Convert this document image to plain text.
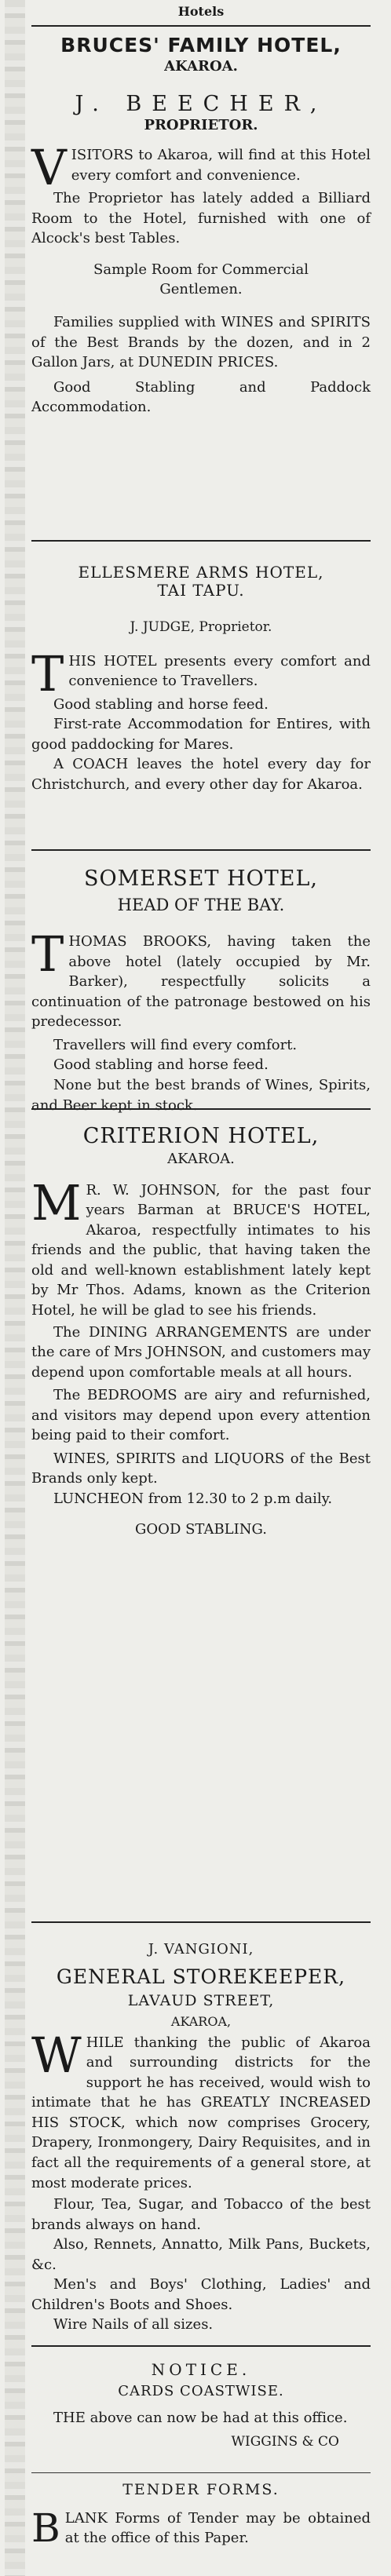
Hotels

BRUCES' FAMILY HOTEL,

AKAROA.

J. BEECHER,

PROPRIETOR.

VISITORS to Akaroa, will find at this Hotel every comfort and convenience.

The Proprietor has lately added a Billiard Room to the Hotel, furnished with one of Alcock's best Tables.

Sample Room for Commercial Gentlemen.

Families supplied with WINES and SPIRITS of the Best Brands by the dozen, and in 2 Gallon Jars, at DUNEDIN PRICES.

Good Stabling and Paddock Accommodation.

ELLESMERE ARMS HOTEL,

TAI TAPU.

J. JUDGE, Proprietor.

THIS HOTEL presents every comfort and convenience to Travellers.

Good stabling and horse feed.

First-rate Accommodation for Entires, with good paddocking for Mares.

A COACH leaves the hotel every day for Christchurch, and every other day for Akaroa.

SOMERSET HOTEL,

HEAD OF THE BAY.

THOMAS BROOKS, having taken the above hotel (lately occupied by Mr. Barker), respectfully solicits a continuation of the patronage bestowed on his predecessor.

Travellers will find every comfort.

Good stabling and horse feed.

None but the best brands of Wines, Spirits, and Beer kept in stock.

CRITERION HOTEL,

AKAROA.

M R. W. JOHNSON, for the past four years Barman at BRUCE'S HOTEL, Akaroa, respectfully intimates to his friends and the public, that having taken the old and well-known establishment lately kept by Mr Thos. Adams, known as the Criterion Hotel, he will be glad to see his friends.

The DINING ARRANGEMENTS are under the care of Mrs JOHNSON, and customers may depend upon comfortable meals at all hours.

The BEDROOMS are airy and refurnished, and visitors may depend upon every attention being paid to their comfort.

WINES, SPIRITS and LIQUORS of the Best Brands only kept.

LUNCHEON from 12.30 to 2 p.m daily.

GOOD STABLING.

J. VANGIONI,

GENERAL STOREKEEPER,

LAVAUD STREET,

AKAROA,

WHILE thanking the public of Akaroa and surrounding districts for the support he has received, would wish to intimate that he has GREATLY INCREASED HIS STOCK, which now comprises Grocery, Drapery, Ironmongery, Dairy Requisites, and in fact all the requirements of a general store, at most moderate prices.

Flour, Tea, Sugar, and Tobacco of the best brands always on hand.

Also, Rennets, Annatto, Milk Pans, Buckets, &c.

Men's and Boys' Clothing, Ladies' and Children's Boots and Shoes.

Wire Nails of all sizes.

NOTICE.

CARDS COASTWISE.

THE above can now be had at this office.

WIGGINS & CO

TENDER FORMS.

BLANK Forms of Tender may be obtained at the office of this Paper.
